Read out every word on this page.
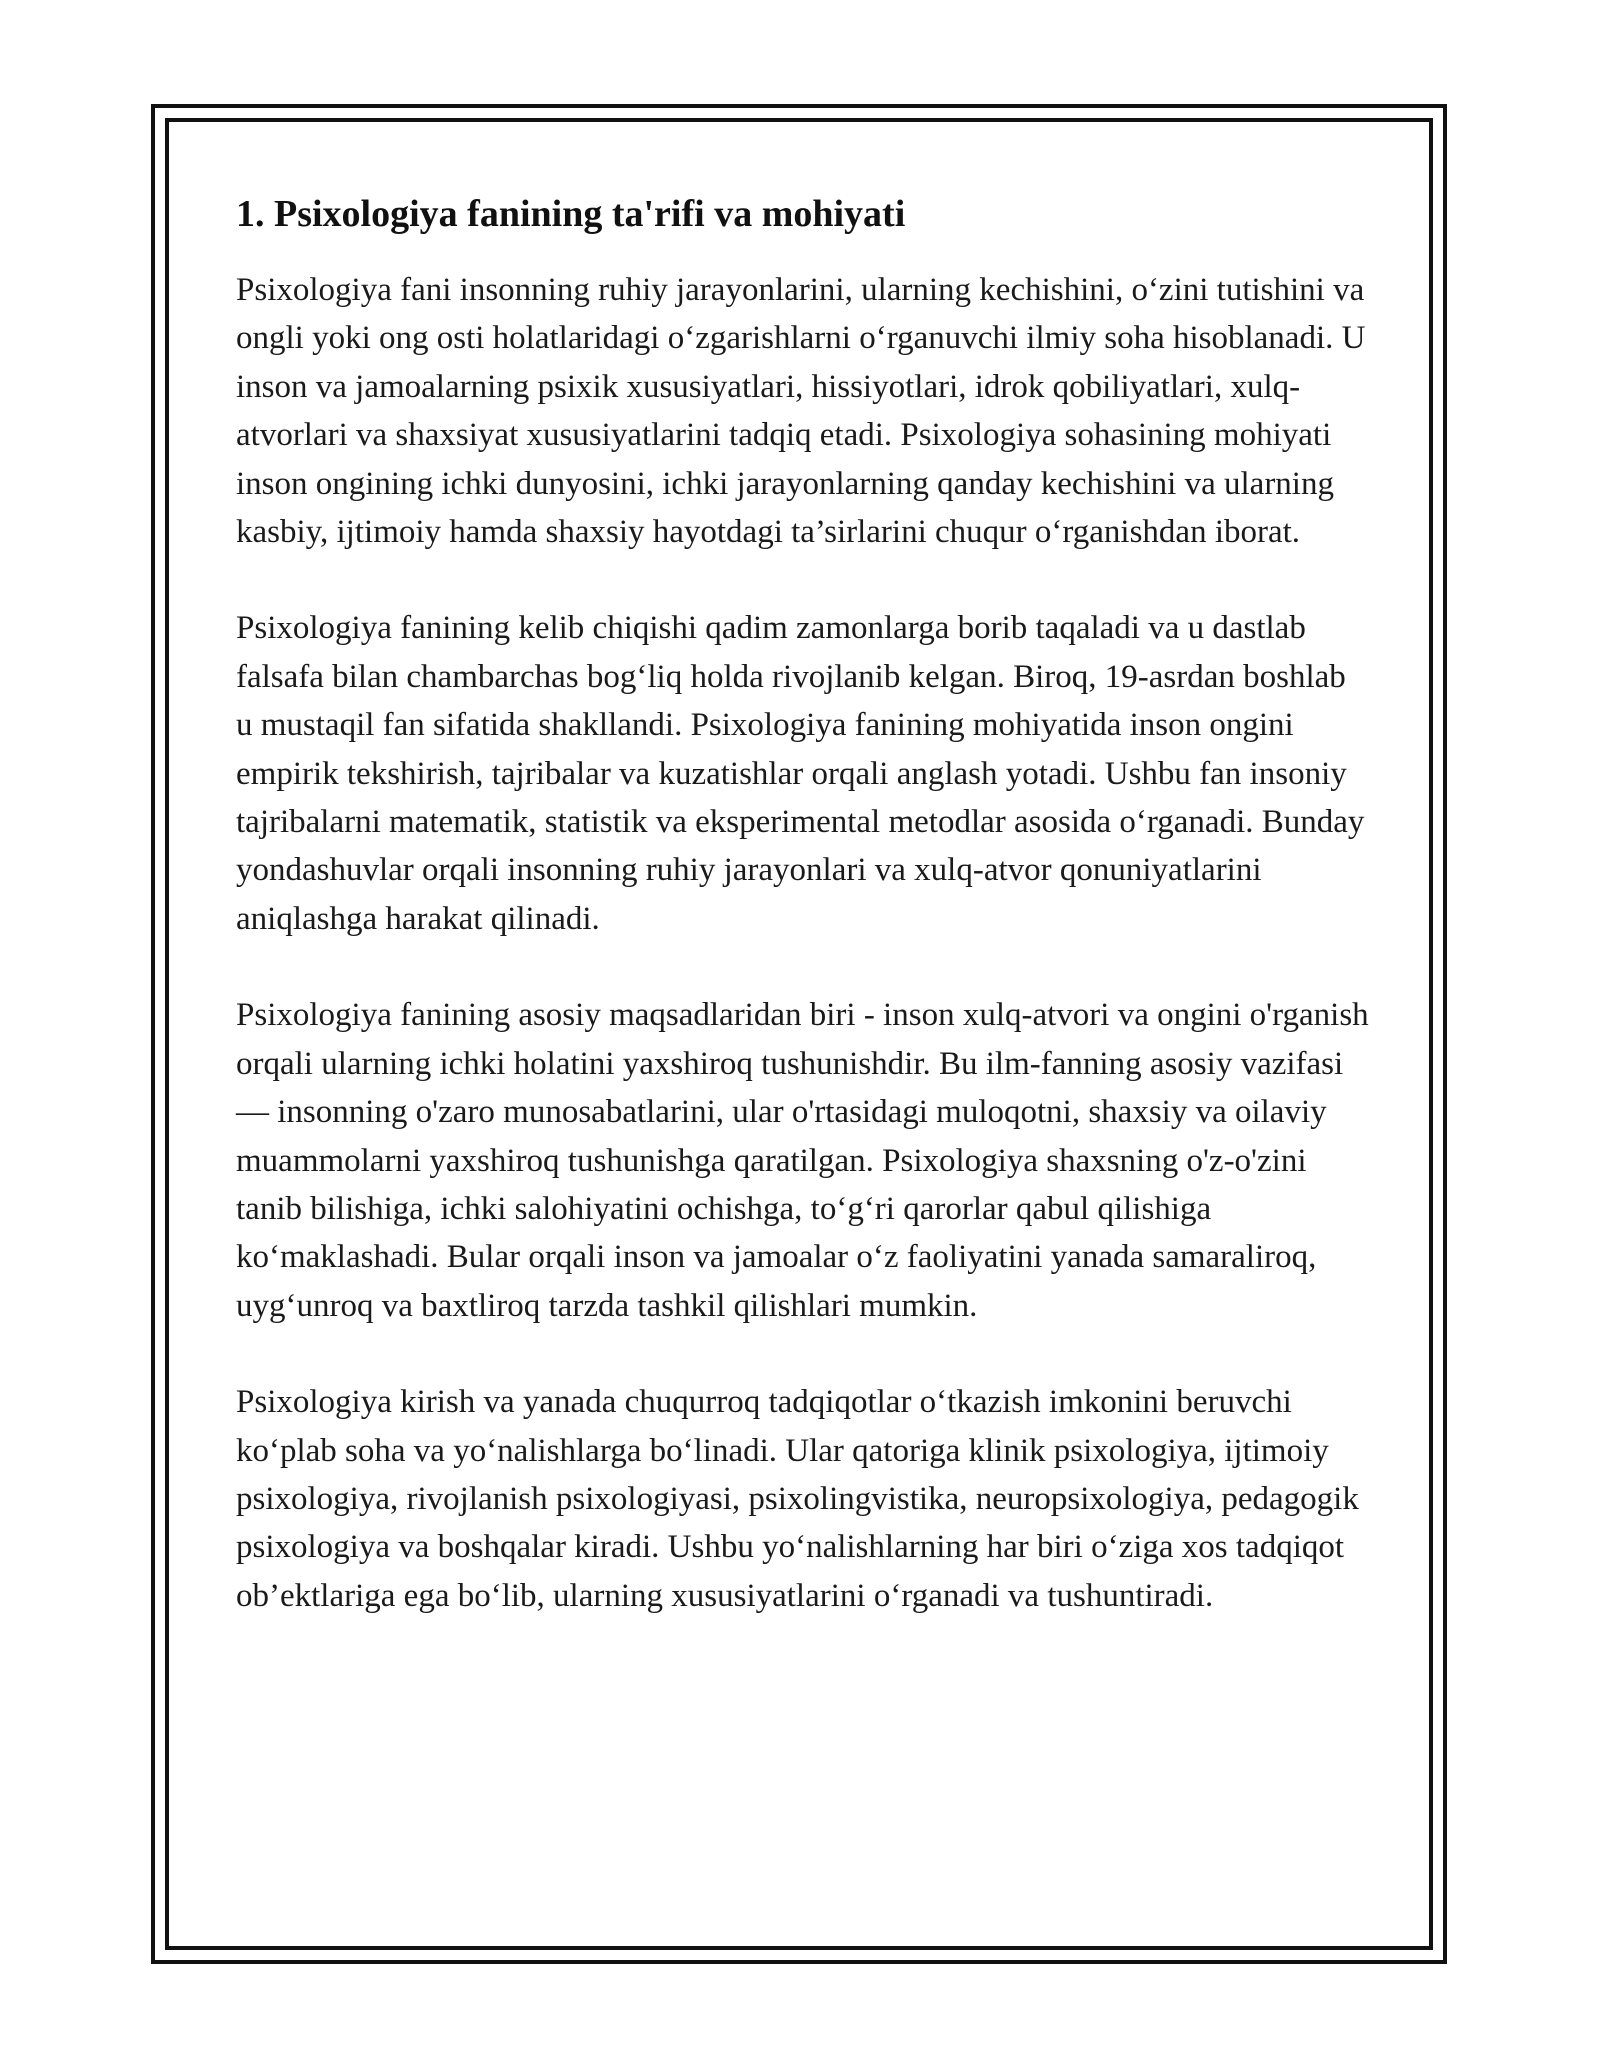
1. Psixologiya fanining ta'rifi va mohiyati

Psixologiya fani insonning ruhiy jarayonlarini, ularning kechishini, o‘zini tutishini va ongli yoki ong osti holatlaridagi o‘zgarishlarni o‘rganuvchi ilmiy soha hisoblanadi. U inson va jamoalarning psixik xususiyatlari, hissiyotlari, idrok qobiliyatlari, xulq-atvorlari va shaxsiyat xususiyatlarini tadqiq etadi. Psixologiya sohasining mohiyati inson ongining ichki dunyosini, ichki jarayonlarning qanday kechishini va ularning kasbiy, ijtimoiy hamda shaxsiy hayotdagi ta’sirlarini chuqur o‘rganishdan iborat.

Psixologiya fanining kelib chiqishi qadim zamonlarga borib taqaladi va u dastlab falsafa bilan chambarchas bog‘liq holda rivojlanib kelgan. Biroq, 19-asrdan boshlab u mustaqil fan sifatida shakllandi. Psixologiya fanining mohiyatida inson ongini empirik tekshirish, tajribalar va kuzatishlar orqali anglash yotadi. Ushbu fan insoniy tajribalarni matematik, statistik va eksperimental metodlar asosida o‘rganadi. Bunday yondashuvlar orqali insonning ruhiy jarayonlari va xulq-atvor qonuniyatlarini aniqlashga harakat qilinadi.

Psixologiya fanining asosiy maqsadlaridan biri - inson xulq-atvori va ongini o'rganish orqali ularning ichki holatini yaxshiroq tushunishdir. Bu ilm-fanning asosiy vazifasi — insonning o'zaro munosabatlarini, ular o'rtasidagi muloqotni, shaxsiy va oilaviy muammolarni yaxshiroq tushunishga qaratilgan. Psixologiya shaxsning o'z-o'zini tanib bilishiga, ichki salohiyatini ochishga, to‘g‘ri qarorlar qabul qilishiga ko‘maklashadi. Bular orqali inson va jamoalar o‘z faoliyatini yanada samaraliroq, uyg‘unroq va baxtliroq tarzda tashkil qilishlari mumkin.

Psixologiya kirish va yanada chuqurroq tadqiqotlar o‘tkazish imkonini beruvchi ko‘plab soha va yo‘nalishlarga bo‘linadi. Ular qatoriga klinik psixologiya, ijtimoiy psixologiya, rivojlanish psixologiyasi, psixolingvistika, neuropsixologiya, pedagogik psixologiya va boshqalar kiradi. Ushbu yo‘nalishlarning har biri o‘ziga xos tadqiqot ob’ektlariga ega bo‘lib, ularning xususiyatlarini o‘rganadi va tushuntiradi.
